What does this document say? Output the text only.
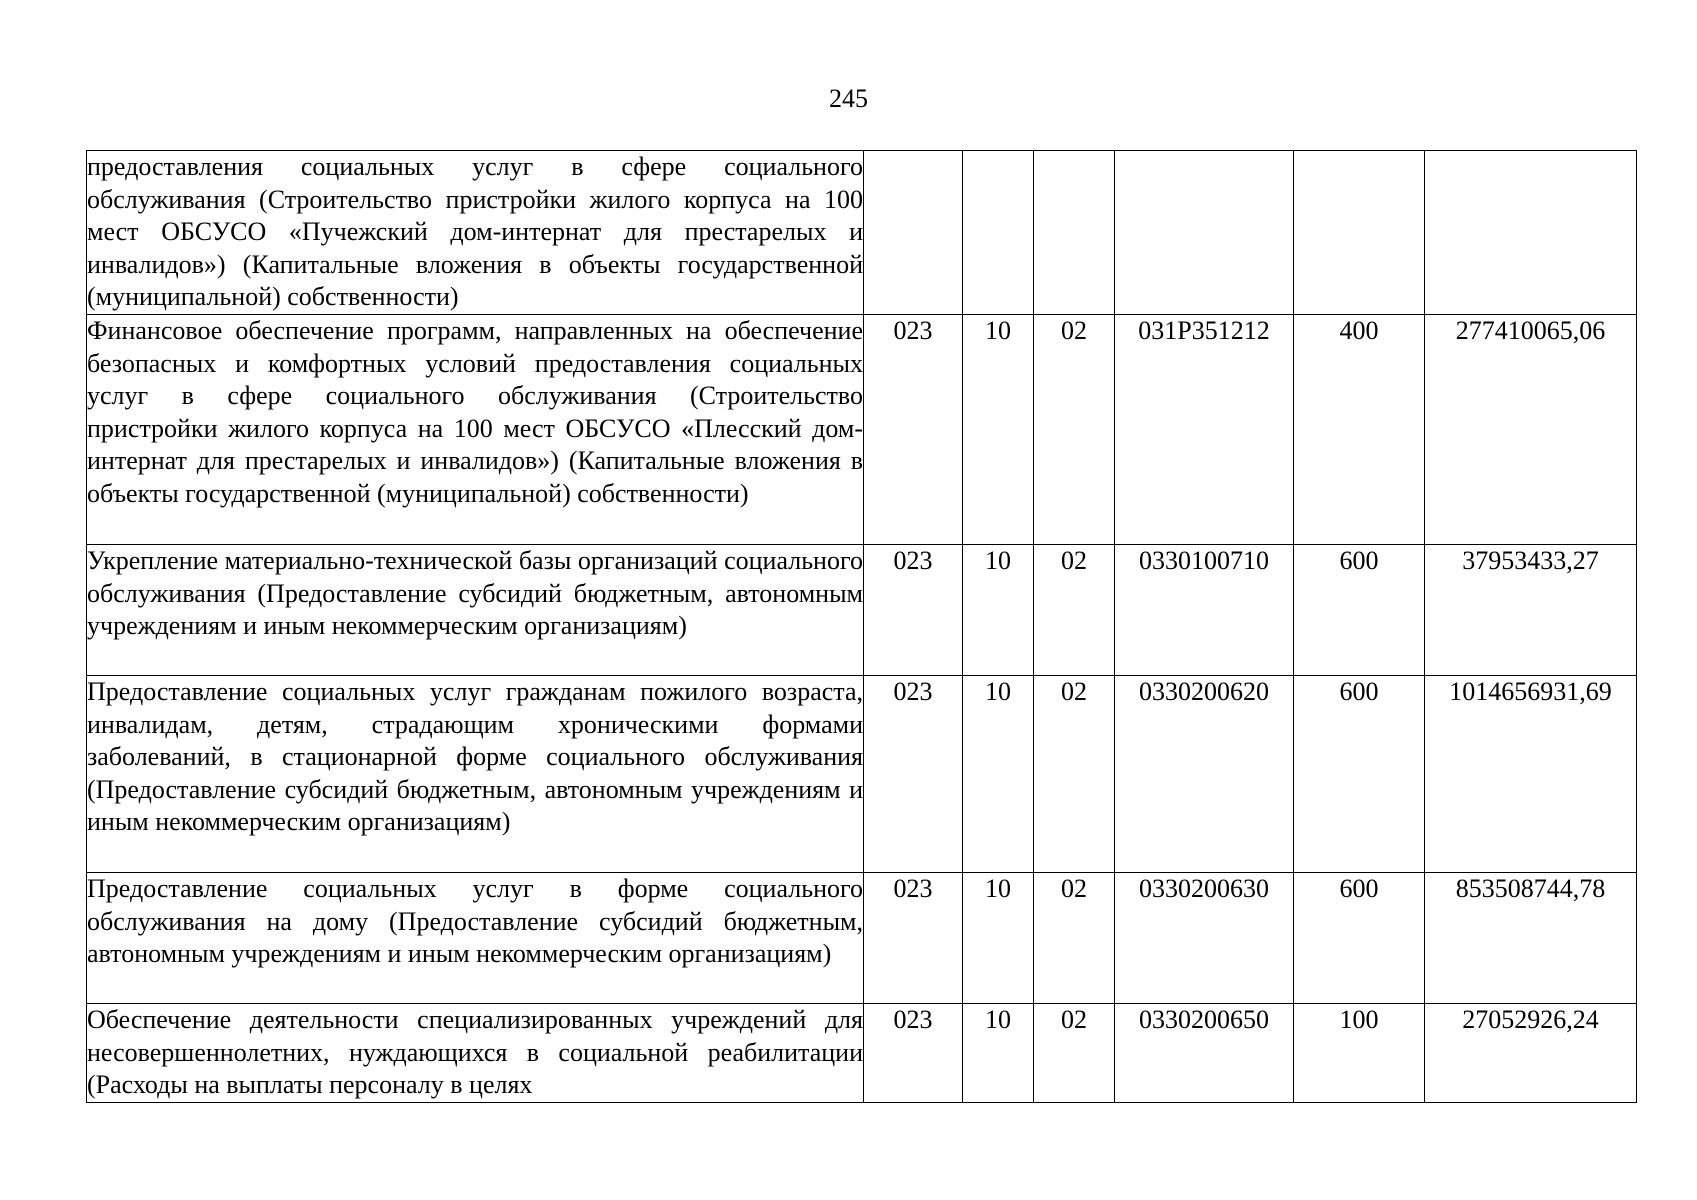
245
предоставления социальных услуг в сфере социального обслуживания (Строительство пристройки жилого корпуса на 100 мест ОБСУСО «Пучежский дом-интернат для престарелых и инвалидов») (Капитальные вложения в объекты государственной (муниципальной) собственности)						

Финансовое обеспечение программ, направленных на обеспечение безопасных и комфортных условий предоставления социальных услуг в сфере социального обслуживания (Строительство пристройки жилого корпуса на 100 мест ОБСУСО «Плесский дом-интернат для престарелых и инвалидов») (Капитальные вложения в объекты государственной (муниципальной) собственности)	023	10	02	031P351212	400	277410065,06

Укрепление материально-технической базы организаций социального обслуживания (Предоставление субсидий бюджетным, автономным учреждениям и иным некоммерческим организациям)	023	10	02	0330100710	600	37953433,27

Предоставление социальных услуг гражданам пожилого возраста, инвалидам, детям, страдающим хроническими формами заболеваний, в стационарной форме социального обслуживания (Предоставление субсидий бюджетным, автономным учреждениям и иным некоммерческим организациям)	023	10	02	0330200620	600	1014656931,69

Предоставление социальных услуг в форме социального обслуживания на дому (Предоставление субсидий бюджетным, автономным учреждениям и иным некоммерческим организациям)	023	10	02	0330200630	600	853508744,78

Обеспечение деятельности специализированных учреждений для несовершеннолетних, нуждающихся в социальной реабилитации (Расходы на выплаты персоналу в целях	023	10	02	0330200650	100	27052926,24
